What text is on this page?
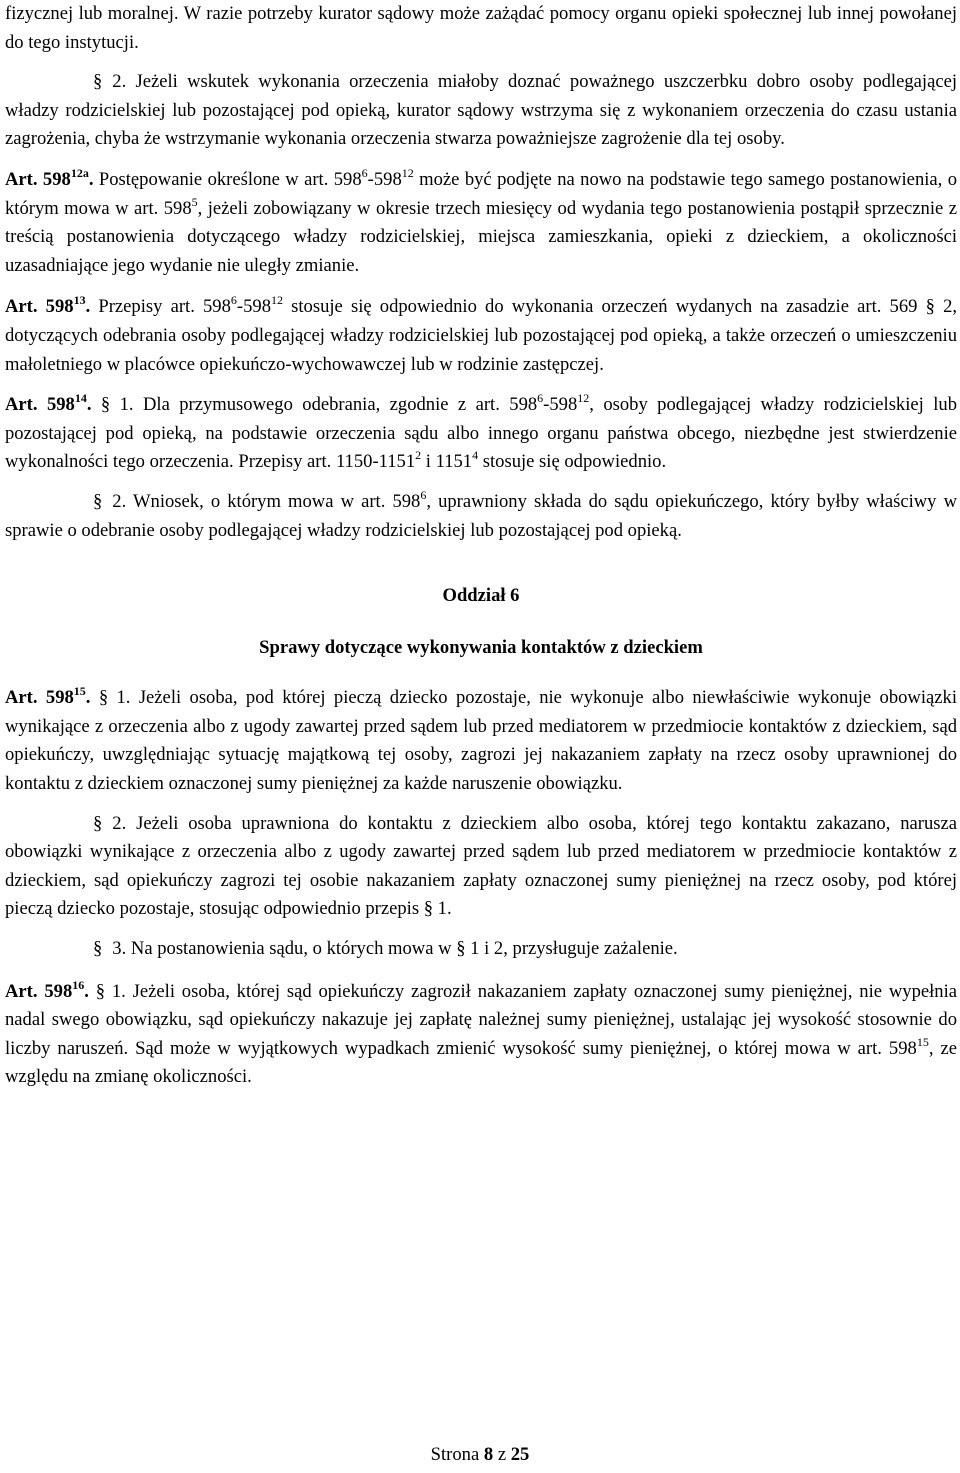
fizycznej lub moralnej. W razie potrzeby kurator sądowy może zażądać pomocy organu opieki społecznej lub innej powołanej do tego instytucji.

§ 2. Jeżeli wskutek wykonania orzeczenia miałoby doznać poważnego uszczerbku dobro osoby podlegającej władzy rodzicielskiej lub pozostającej pod opieką, kurator sądowy wstrzyma się z wykonaniem orzeczenia do czasu ustania zagrożenia, chyba że wstrzymanie wykonania orzeczenia stwarza poważniejsze zagrożenie dla tej osoby.

Art. $598^{12a}$. Postępowanie określone w art. $598^6-598^{12}$ może być podjęte na nowo na podstawie tego samego postanowienia, o którym mowa w art. $598^5$, jeżeli zobowiązany w okresie trzech miesięcy od wydania tego postanowienia postąpił sprzecznie z treścią postanowienia dotyczącego władzy rodzicielskiej, miejsca zamieszkania, opieki z dzieckiem, a okoliczności uzasadniające jego wydanie nie uległy zmianie.

Art. $598^{13}$. Przepisy art. $598^6-598^{12}$ stosuje się odpowiednio do wykonania orzeczeń wydanych na zasadzie art. 569 § 2, dotyczących odebrania osoby podlegającej władzy rodzicielskiej lub pozostającej pod opieką, a także orzeczeń o umieszczeniu małoletniego w placówce opiekuńczo-wychowawczej lub w rodzinie zastępczej.

Art. $598^{14}$. § 1. Dla przymusowego odebrania, zgodnie z art. $598^6-598^{12}$, osoby podlegającej władzy rodzicielskiej lub pozostającej pod opieką, na podstawie orzeczenia sądu albo innego organu państwa obcego, niezbędne jest stwierdzenie wykonalności tego orzeczenia. Przepisy art. 1150-1151$^2$ i 1151$^4$ stosuje się odpowiednio.

§ 2. Wniosek, o którym mowa w art. $598^6$, uprawniony składa do sądu opiekuńczego, który byłby właściwy w sprawie o odebranie osoby podlegającej władzy rodzicielskiej lub pozostającej pod opieką.

Oddział 6

Sprawy dotyczące wykonywania kontaktów z dzieckiem

Art. $598^{15}$. § 1. Jeżeli osoba, pod której pieczą dziecko pozostaje, nie wykonuje albo niewłaściwie wykonuje obowiązki wynikające z orzeczenia albo z ugody zawartej przed sądem lub przed mediatorem w przedmiocie kontaktów z dzieckiem, sąd opiekuńczy, uwzględniając sytuację majątkową tej osoby, zagrozi jej nakazaniem zapłaty na rzecz osoby uprawnionej do kontaktu z dzieckiem oznaczonej sumy pieniężnej za każde naruszenie obowiązku.

§ 2. Jeżeli osoba uprawniona do kontaktu z dzieckiem albo osoba, której tego kontaktu zakazano, narusza obowiązki wynikające z orzeczenia albo z ugody zawartej przed sądem lub przed mediatorem w przedmiocie kontaktów z dzieckiem, sąd opiekuńczy zagrozi tej osobie nakazaniem zapłaty oznaczonej sumy pieniężnej na rzecz osoby, pod której pieczą dziecko pozostaje, stosując odpowiednio przepis § 1.

§ 3. Na postanowienia sądu, o których mowa w § 1 i 2, przysługuje zażalenie.

Art. $598^{16}$. § 1. Jeżeli osoba, której sąd opiekuńczy zagroził nakazaniem zapłaty oznaczonej sumy pieniężnej, nie wypełnia nadal swego obowiązku, sąd opiekuńczy nakazuje jej zapłatę należnej sumy pieniężnej, ustalając jej wysokość stosownie do liczby naruszeń. Sąd może w wyjątkowych wypadkach zmienić wysokość sumy pieniężnej, o której mowa w art. $598^{15}$, ze względu na zmianę okoliczności.

Strona 8 z 25
